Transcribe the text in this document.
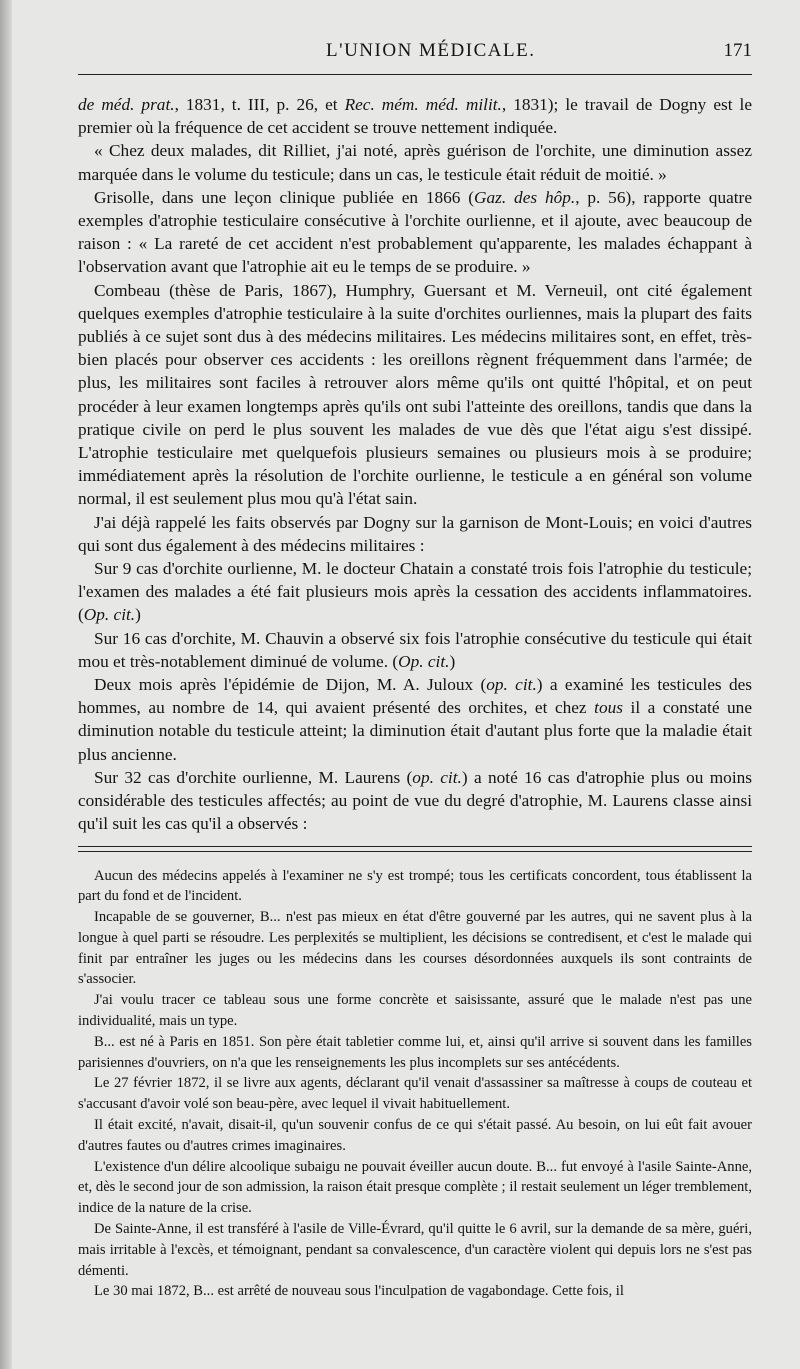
L'UNION MÉDICALE.	171

de méd. prat., 1831, t. III, p. 26, et Rec. mém. méd. milit., 1831); le travail de Dogny est le premier où la fréquence de cet accident se trouve nettement indiquée.

« Chez deux malades, dit Rilliet, j'ai noté, après guérison de l'orchite, une diminution assez marquée dans le volume du testicule; dans un cas, le testicule était réduit de moitié. »

Grisolle, dans une leçon clinique publiée en 1866 (Gaz. des hôp., p. 56), rapporte quatre exemples d'atrophie testiculaire consécutive à l'orchite ourlienne, et il ajoute, avec beaucoup de raison : « La rareté de cet accident n'est probablement qu'apparente, les malades échappant à l'observation avant que l'atrophie ait eu le temps de se produire. »

Combeau (thèse de Paris, 1867), Humphry, Guersant et M. Verneuil, ont cité également quelques exemples d'atrophie testiculaire à la suite d'orchites ourliennes, mais la plupart des faits publiés à ce sujet sont dus à des médecins militaires. Les médecins militaires sont, en effet, très-bien placés pour observer ces accidents : les oreillons règnent fréquemment dans l'armée; de plus, les militaires sont faciles à retrouver alors même qu'ils ont quitté l'hôpital, et on peut procéder à leur examen longtemps après qu'ils ont subi l'atteinte des oreillons, tandis que dans la pratique civile on perd le plus souvent les malades de vue dès que l'état aigu s'est dissipé. L'atrophie testiculaire met quelquefois plusieurs semaines ou plusieurs mois à se produire; immédiatement après la résolution de l'orchite ourlienne, le testicule a en général son volume normal, il est seulement plus mou qu'à l'état sain.

J'ai déjà rappelé les faits observés par Dogny sur la garnison de Mont-Louis; en voici d'autres qui sont dus également à des médecins militaires :

Sur 9 cas d'orchite ourlienne, M. le docteur Chatain a constaté trois fois l'atrophie du testicule; l'examen des malades a été fait plusieurs mois après la cessation des accidents inflammatoires. (Op. cit.)

Sur 16 cas d'orchite, M. Chauvin a observé six fois l'atrophie consécutive du testicule qui était mou et très-notablement diminué de volume. (Op. cit.)

Deux mois après l'épidémie de Dijon, M. A. Juloux (op. cit.) a examiné les testicules des hommes, au nombre de 14, qui avaient présenté des orchites, et chez tous il a constaté une diminution notable du testicule atteint; la diminution était d'autant plus forte que la maladie était plus ancienne.

Sur 32 cas d'orchite ourlienne, M. Laurens (op. cit.) a noté 16 cas d'atrophie plus ou moins considérable des testicules affectés; au point de vue du degré d'atrophie, M. Laurens classe ainsi qu'il suit les cas qu'il a observés :

Aucun des médecins appelés à l'examiner ne s'y est trompé; tous les certificats concordent, tous établissent la part du fond et de l'incident.

Incapable de se gouverner, B... n'est pas mieux en état d'être gouverné par les autres, qui ne savent plus à la longue à quel parti se résoudre. Les perplexités se multiplient, les décisions se contredisent, et c'est le malade qui finit par entraîner les juges ou les médecins dans les courses désordonnées auxquels ils sont contraints de s'associer.

J'ai voulu tracer ce tableau sous une forme concrète et saisissante, assuré que le malade n'est pas une individualité, mais un type.

B... est né à Paris en 1851. Son père était tabletier comme lui, et, ainsi qu'il arrive si souvent dans les familles parisiennes d'ouvriers, on n'a que les renseignements les plus incomplets sur ses antécédents.

Le 27 février 1872, il se livre aux agents, déclarant qu'il venait d'assassiner sa maîtresse à coups de couteau et s'accusant d'avoir volé son beau-père, avec lequel il vivait habituellement.

Il était excité, n'avait, disait-il, qu'un souvenir confus de ce qui s'était passé. Au besoin, on lui eût fait avouer d'autres fautes ou d'autres crimes imaginaires.

L'existence d'un délire alcoolique subaigu ne pouvait éveiller aucun doute. B... fut envoyé à l'asile Sainte-Anne, et, dès le second jour de son admission, la raison était presque complète ; il restait seulement un léger tremblement, indice de la nature de la crise.

De Sainte-Anne, il est transféré à l'asile de Ville-Évrard, qu'il quitte le 6 avril, sur la demande de sa mère, guéri, mais irritable à l'excès, et témoignant, pendant sa convalescence, d'un caractère violent qui depuis lors ne s'est pas démenti.

Le 30 mai 1872, B... est arrêté de nouveau sous l'inculpation de vagabondage. Cette fois, il
